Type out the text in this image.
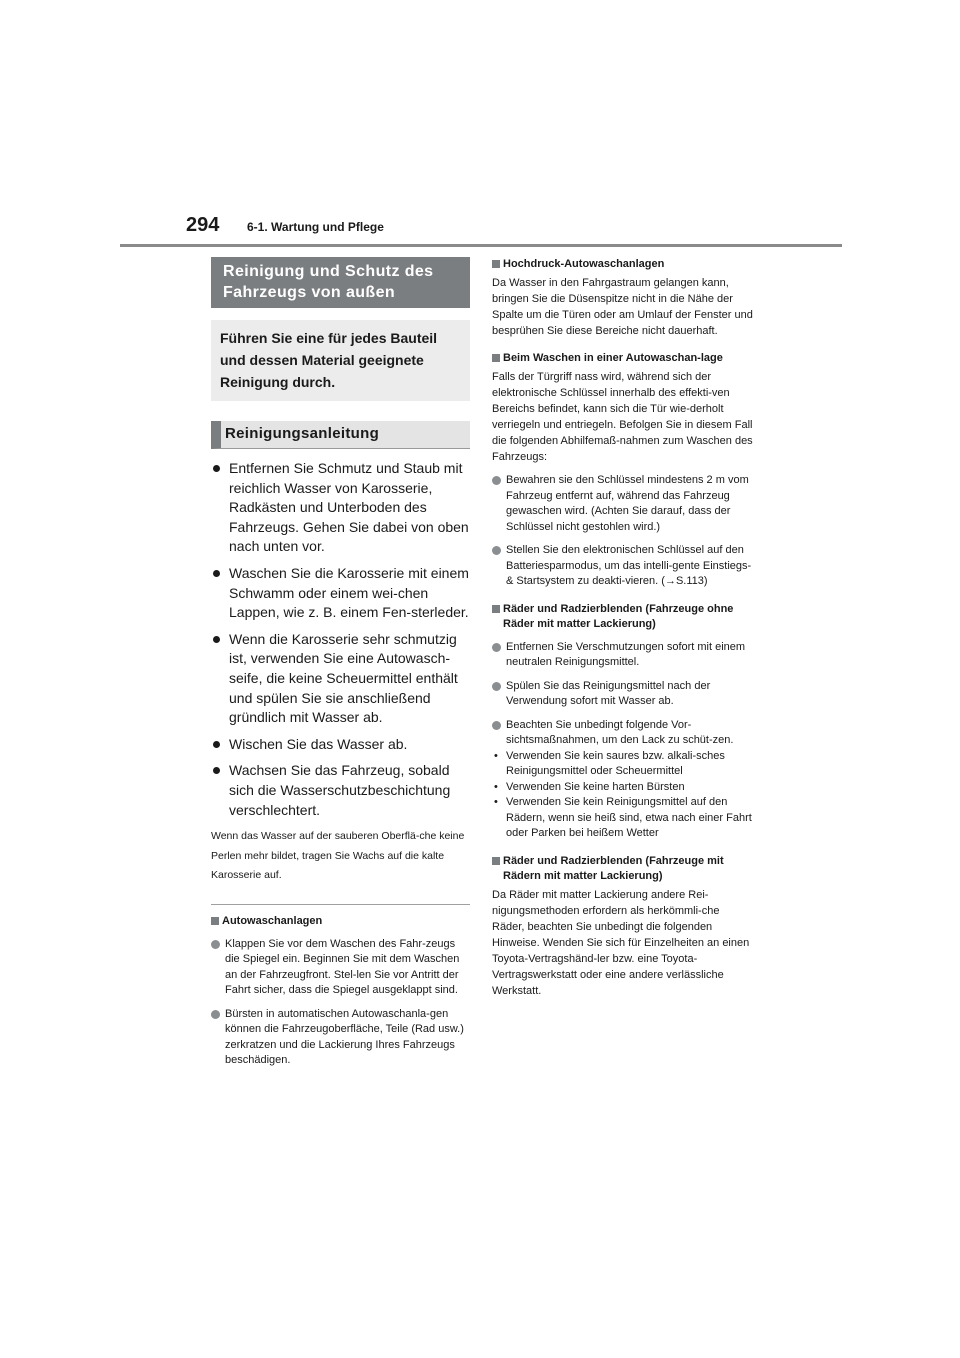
294 6-1. Wartung und Pflege
Reinigung und Schutz des Fahrzeugs von außen
Führen Sie eine für jedes Bauteil und dessen Material geeignete Reinigung durch.
Reinigungsanleitung
Entfernen Sie Schmutz und Staub mit reichlich Wasser von Karosserie, Radkästen und Unterboden des Fahrzeugs. Gehen Sie dabei von oben nach unten vor.
Waschen Sie die Karosserie mit einem Schwamm oder einem wei-chen Lappen, wie z. B. einem Fen-sterleder.
Wenn die Karosserie sehr schmutzig ist, verwenden Sie eine Autowasch-seife, die keine Scheuermittel enthält und spülen Sie sie anschließend gründlich mit Wasser ab.
Wischen Sie das Wasser ab.
Wachsen Sie das Fahrzeug, sobald sich die Wasserschutzbeschichtung verschlechtert.
Wenn das Wasser auf der sauberen Oberflä-che keine Perlen mehr bildet, tragen Sie Wachs auf die kalte Karosserie auf.
Autowaschanlagen
Klappen Sie vor dem Waschen des Fahr-zeugs die Spiegel ein. Beginnen Sie mit dem Waschen an der Fahrzeugfront. Stel-len Sie vor Antritt der Fahrt sicher, dass die Spiegel ausgeklappt sind.
Bürsten in automatischen Autowaschanla-gen können die Fahrzeugoberfläche, Teile (Rad usw.) zerkratzen und die Lackierung Ihres Fahrzeugs beschädigen.
Hochdruck-Autowaschanlagen
Da Wasser in den Fahrgastraum gelangen kann, bringen Sie die Düsenspitze nicht in die Nähe der Spalte um die Türen oder am Umlauf der Fenster und besprühen Sie diese Bereiche nicht dauerhaft.
Beim Waschen in einer Autowaschan-lage
Falls der Türgriff nass wird, während sich der elektronische Schlüssel innerhalb des effekti-ven Bereichs befindet, kann sich die Tür wie-derholt verriegeln und entriegeln. Befolgen Sie in diesem Fall die folgenden Abhilfemaß-nahmen zum Waschen des Fahrzeugs:
Bewahren sie den Schlüssel mindestens 2 m vom Fahrzeug entfernt auf, während das Fahrzeug gewaschen wird. (Achten Sie darauf, dass der Schlüssel nicht gestohlen wird.)
Stellen Sie den elektronischen Schlüssel auf den Batteriesparmodus, um das intelli-gente Einstiegs- & Startsystem zu deakti-vieren. (→S.113)
Räder und Radzierblenden (Fahrzeuge ohne Räder mit matter Lackierung)
Entfernen Sie Verschmutzungen sofort mit einem neutralen Reinigungsmittel.
Spülen Sie das Reinigungsmittel nach der Verwendung sofort mit Wasser ab.
Beachten Sie unbedingt folgende Vor-sichtsmaßnahmen, um den Lack zu schüt-zen.
• Verwenden Sie kein saures bzw. alkali-sches Reinigungsmittel oder Scheuermittel
• Verwenden Sie keine harten Bürsten
• Verwenden Sie kein Reinigungsmittel auf den Rädern, wenn sie heiß sind, etwa nach einer Fahrt oder Parken bei heißem Wetter
Räder und Radzierblenden (Fahrzeuge mit Rädern mit matter Lackierung)
Da Räder mit matter Lackierung andere Rei-nigungsmethoden erfordern als herkömmli-che Räder, beachten Sie unbedingt die folgenden Hinweise. Wenden Sie sich für Einzelheiten an einen Toyota-Vertragshänd-ler bzw. eine Toyota-Vertragswerkstatt oder eine andere verlässliche Werkstatt.
